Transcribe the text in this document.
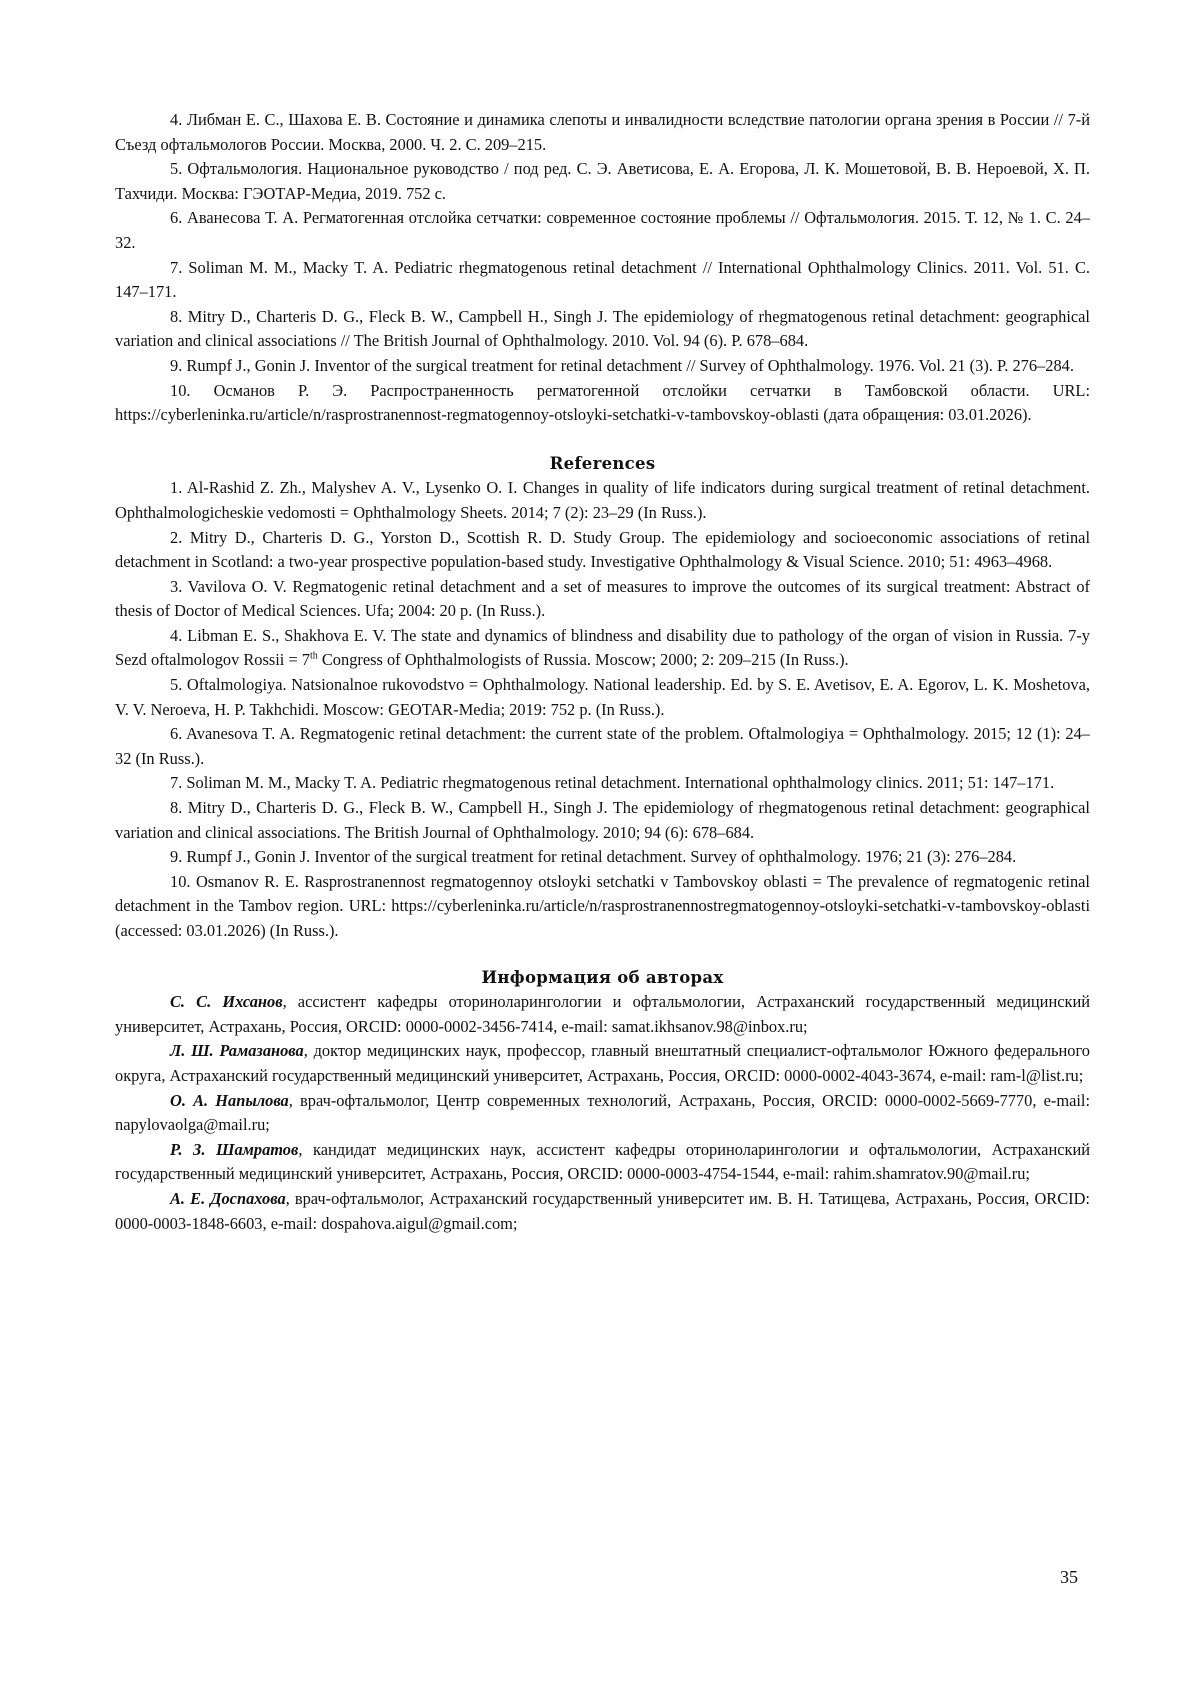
4. Либман Е. С., Шахова Е. В. Состояние и динамика слепоты и инвалидности вследствие патологии органа зрения в России // 7-й Съезд офтальмологов России. Москва, 2000. Ч. 2. С. 209–215.

5. Офтальмология. Национальное руководство / под ред. С. Э. Аветисова, Е. А. Егорова, Л. К. Мошетовой, В. В. Нероевой, Х. П. Тахчиди. Москва: ГЭОТАР-Медиа, 2019. 752 с.

6. Аванесова Т. А. Регматогенная отслойка сетчатки: современное состояние проблемы // Офтальмология. 2015. Т. 12, № 1. С. 24–32.

7. Soliman M. M., Macky T. A. Pediatric rhegmatogenous retinal detachment // International Ophthalmology Clinics. 2011. Vol. 51. C. 147–171.

8. Mitry D., Charteris D. G., Fleck B. W., Campbell H., Singh J. The epidemiology of rhegmatogenous retinal detachment: geographical variation and clinical associations // The British Journal of Ophthalmology. 2010. Vol. 94 (6). P. 678–684.

9. Rumpf J., Gonin J. Inventor of the surgical treatment for retinal detachment // Survey of Ophthalmology. 1976. Vol. 21 (3). P. 276–284.

10. Османов Р. Э. Распространенность регматогенной отслойки сетчатки в Тамбовской области. URL: https://cyberleninka.ru/article/n/rasprostranennost-regmatogennoy-otsloyki-setchatki-v-tambovskoy-oblasti (дата обращения: 03.01.2026).

References

1. Al-Rashid Z. Zh., Malyshev A. V., Lysenko O. I. Changes in quality of life indicators during surgical treatment of retinal detachment. Ophthalmologicheskie vedomosti = Ophthalmology Sheets. 2014; 7 (2): 23–29 (In Russ.).

2. Mitry D., Charteris D. G., Yorston D., Scottish R. D. Study Group. The epidemiology and socioeconomic associations of retinal detachment in Scotland: a two-year prospective population-based study. Investigative Ophthalmology & Visual Science. 2010; 51: 4963–4968.

3. Vavilova O. V. Regmatogenic retinal detachment and a set of measures to improve the outcomes of its surgical treatment: Abstract of thesis of Doctor of Medical Sciences. Ufa; 2004: 20 p. (In Russ.).

4. Libman E. S., Shakhova E. V. The state and dynamics of blindness and disability due to pathology of the organ of vision in Russia. 7-y Sezd oftalmologov Rossii = 7th Congress of Ophthalmologists of Russia. Moscow; 2000; 2: 209–215 (In Russ.).

5. Oftalmologiya. Natsionalnoe rukovodstvo = Ophthalmology. National leadership. Ed. by S. E. Avetisov, E. A. Egorov, L. K. Moshetova, V. V. Neroeva, H. P. Takhchidi. Moscow: GEOTAR-Media; 2019: 752 p. (In Russ.).

6. Avanesova T. A. Regmatogenic retinal detachment: the current state of the problem. Oftalmologiya = Ophthalmology. 2015; 12 (1): 24–32 (In Russ.).

7. Soliman M. M., Macky T. A. Pediatric rhegmatogenous retinal detachment. International ophthalmology clinics. 2011; 51: 147–171.

8. Mitry D., Charteris D. G., Fleck B. W., Campbell H., Singh J. The epidemiology of rhegmatogenous retinal detachment: geographical variation and clinical associations. The British Journal of Ophthalmology. 2010; 94 (6): 678–684.

9. Rumpf J., Gonin J. Inventor of the surgical treatment for retinal detachment. Survey of ophthalmology. 1976; 21 (3): 276–284.

10. Osmanov R. E. Rasprostranennost regmatogennoy otsloyki setchatki v Tambovskoy oblasti = The prevalence of regmatogenic retinal detachment in the Tambov region. URL: https://cyberleninka.ru/article/n/rasprostranennostregmatogennoy-otsloyki-setchatki-v-tambovskoy-oblasti (accessed: 03.01.2026) (In Russ.).

Информация об авторах

С. С. Ихсанов, ассистент кафедры оториноларингологии и офтальмологии, Астраханский государственный медицинский университет, Астрахань, Россия, ORCID: 0000-0002-3456-7414, e-mail: samat.ikhsanov.98@inbox.ru;

Л. Ш. Рамазанова, доктор медицинских наук, профессор, главный внештатный специалист-офтальмолог Южного федерального округа, Астраханский государственный медицинский университет, Астрахань, Россия, ORCID: 0000-0002-4043-3674, e-mail: ram-l@list.ru;

О. А. Напылова, врач-офтальмолог, Центр современных технологий, Астрахань, Россия, ORCID: 0000-0002-5669-7770, e-mail: napylovaolga@mail.ru;

Р. З. Шамратов, кандидат медицинских наук, ассистент кафедры оториноларингологии и офтальмологии, Астраханский государственный медицинский университет, Астрахань, Россия, ORCID: 0000-0003-4754-1544, e-mail: rahim.shamratov.90@mail.ru;

А. Е. Доспахова, врач-офтальмолог, Астраханский государственный университет им. В. Н. Татищева, Астрахань, Россия, ORCID: 0000-0003-1848-6603, e-mail: dospahova.aigul@gmail.com;

35
